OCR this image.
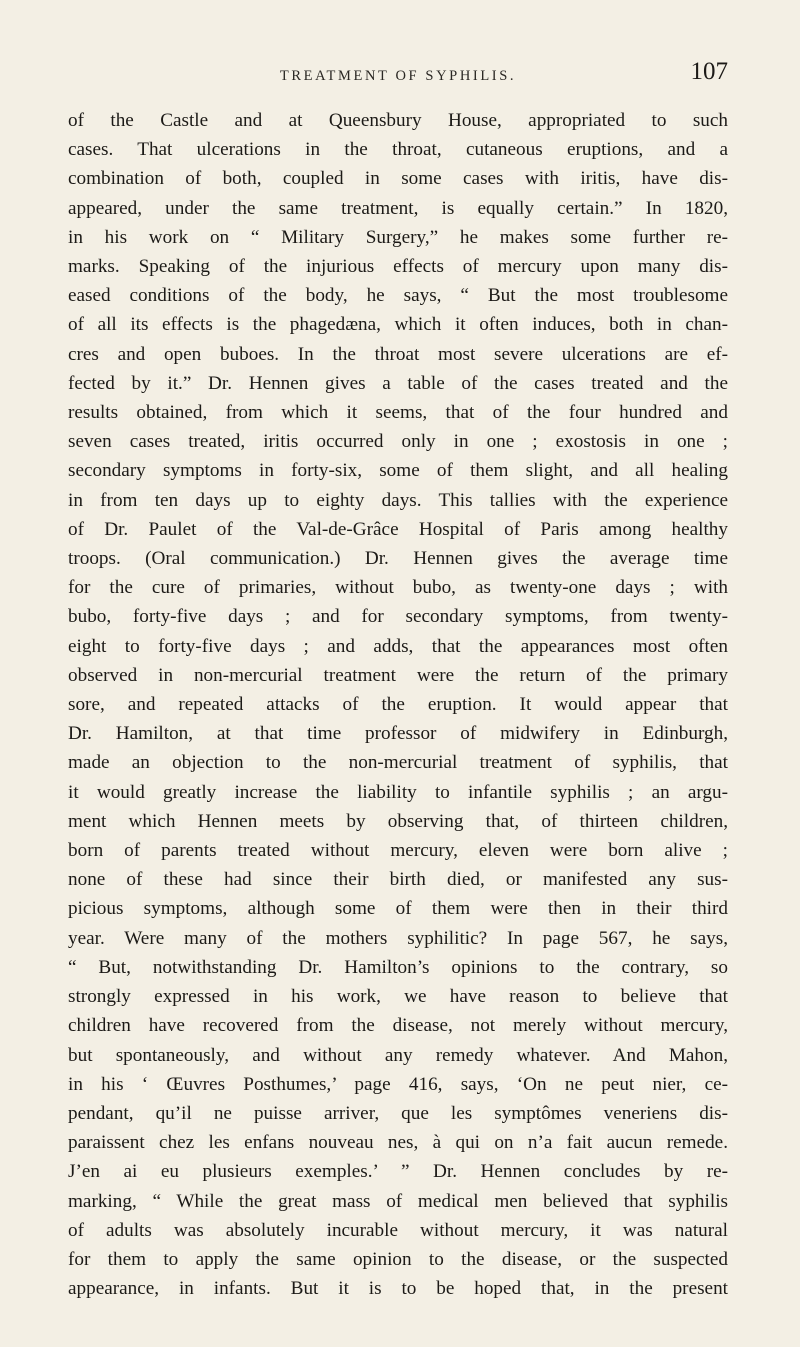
TREATMENT OF SYPHILIS.	107
of the Castle and at Queensbury House, appropriated to such
cases. That ulcerations in the throat, cutaneous eruptions, and a
combination of both, coupled in some cases with iritis, have dis-
appeared, under the same treatment, is equally certain.” In 1820,
in his work on “ Military Surgery,” he makes some further re-
marks. Speaking of the injurious effects of mercury upon many dis-
eased conditions of the body, he says, “ But the most troublesome
of all its effects is the phagedæna, which it often induces, both in chan-
cres and open buboes. In the throat most severe ulcerations are ef-
fected by it.” Dr. Hennen gives a table of the cases treated and the
results obtained, from which it seems, that of the four hundred and
seven cases treated, iritis occurred only in one ; exostosis in one ;
secondary symptoms in forty-six, some of them slight, and all healing
in from ten days up to eighty days. This tallies with the experience
of Dr. Paulet of the Val-de-Grâce Hospital of Paris among healthy
troops. (Oral communication.) Dr. Hennen gives the average time
for the cure of primaries, without bubo, as twenty-one days ; with
bubo, forty-five days ; and for secondary symptoms, from twenty-
eight to forty-five days ; and adds, that the appearances most often
observed in non-mercurial treatment were the return of the primary
sore, and repeated attacks of the eruption. It would appear that
Dr. Hamilton, at that time professor of midwifery in Edinburgh,
made an objection to the non-mercurial treatment of syphilis, that
it would greatly increase the liability to infantile syphilis ; an argu-
ment which Hennen meets by observing that, of thirteen children,
born of parents treated without mercury, eleven were born alive ;
none of these had since their birth died, or manifested any sus-
picious symptoms, although some of them were then in their third
year. Were many of the mothers syphilitic? In page 567, he says,
“ But, notwithstanding Dr. Hamilton’s opinions to the contrary, so
strongly expressed in his work, we have reason to believe that
children have recovered from the disease, not merely without mercury,
but spontaneously, and without any remedy whatever. And Mahon,
in his ‘ Œuvres Posthumes,’ page 416, says, ‘On ne peut nier, ce-
pendant, qu’il ne puisse arriver, que les symptômes veneriens dis-
paraissent chez les enfans nouveau nes, à qui on n’a fait aucun remede.
J’en ai eu plusieurs exemples.’ ” Dr. Hennen concludes by re-
marking, “ While the great mass of medical men believed that syphilis
of adults was absolutely incurable without mercury, it was natural
for them to apply the same opinion to the disease, or the suspected
appearance, in infants. But it is to be hoped that, in the present
